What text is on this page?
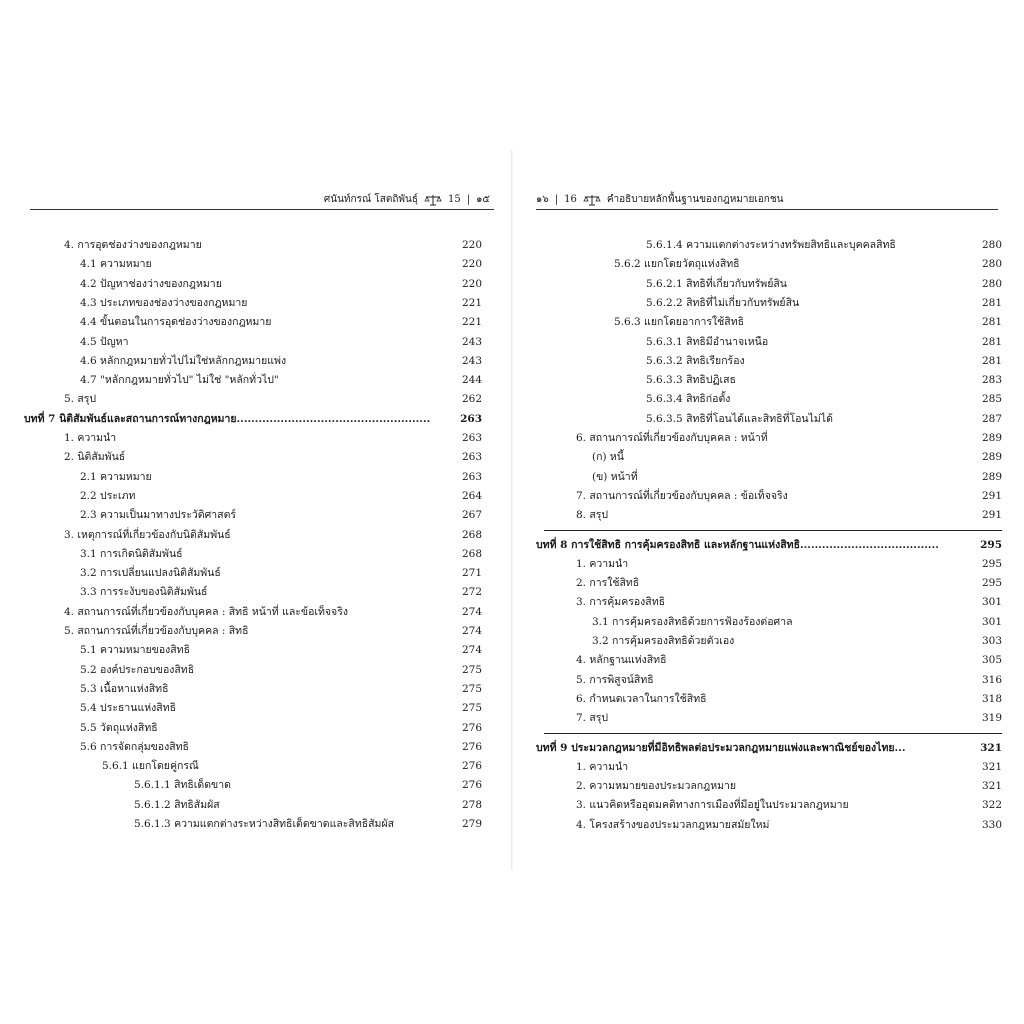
ศนันท์กรณ์ โสตถิพันธุ์	15 | ๑๕
4. การอุดช่องว่างของกฎหมาย	220
4.1 ความหมาย	220
4.2 ปัญหาช่องว่างของกฎหมาย	220
4.3 ประเภทของช่องว่างของกฎหมาย	221
4.4 ขั้นตอนในการอุดช่องว่างของกฎหมาย	221
4.5 ปัญหา	243
4.6 หลักกฎหมายทั่วไปไม่ใช่หลักกฎหมายแพ่ง	243
4.7 "หลักกฎหมายทั่วไป" ไม่ใช่ "หลักทั่วไป"	244
5. สรุป	262
บทที่ 7 นิติสัมพันธ์และสถานการณ์ทางกฎหมาย.....................................................	263
1. ความนำ	263
2. นิติสัมพันธ์	263
2.1 ความหมาย	263
2.2 ประเภท	264
2.3 ความเป็นมาทางประวัติศาสตร์	267
3. เหตุการณ์ที่เกี่ยวข้องกับนิติสัมพันธ์	268
3.1 การเกิดนิติสัมพันธ์	268
3.2 การเปลี่ยนแปลงนิติสัมพันธ์	271
3.3 การระงับของนิติสัมพันธ์	272
4. สถานการณ์ที่เกี่ยวข้องกับบุคคล : สิทธิ หน้าที่ และข้อเท็จจริง	274
5. สถานการณ์ที่เกี่ยวข้องกับบุคคล : สิทธิ	274
5.1 ความหมายของสิทธิ	274
5.2 องค์ประกอบของสิทธิ	275
5.3 เนื้อหาแห่งสิทธิ	275
5.4 ประธานแห่งสิทธิ	275
5.5 วัตถุแห่งสิทธิ	276
5.6 การจัดกลุ่มของสิทธิ	276
5.6.1 แยกโดยคู่กรณี	276
5.6.1.1 สิทธิเด็ดขาด	276
5.6.1.2 สิทธิสัมผัส	278
5.6.1.3 ความแตกต่างระหว่างสิทธิเด็ดขาดและสิทธิสัมผัส	279
๑๖ | 16	คำอธิบายหลักพื้นฐานของกฎหมายเอกชน
5.6.1.4 ความแตกต่างระหว่างทรัพยสิทธิและบุคคลสิทธิ	280
5.6.2 แยกโดยวัตถุแห่งสิทธิ	280
5.6.2.1 สิทธิที่เกี่ยวกับทรัพย์สิน	280
5.6.2.2 สิทธิที่ไม่เกี่ยวกับทรัพย์สิน	281
5.6.3 แยกโดยอาการใช้สิทธิ	281
5.6.3.1 สิทธิมีอำนาจเหนือ	281
5.6.3.2 สิทธิเรียกร้อง	281
5.6.3.3 สิทธิปฏิเสธ	283
5.6.3.4 สิทธิก่อตั้ง	285
5.6.3.5 สิทธิที่โอนได้และสิทธิที่โอนไม่ได้	287
6. สถานการณ์ที่เกี่ยวข้องกับบุคคล : หน้าที่	289
(ก) หนี้	289
(ข) หน้าที่	289
7. สถานการณ์ที่เกี่ยวข้องกับบุคคล : ข้อเท็จจริง	291
8. สรุป	291
บทที่ 8 การใช้สิทธิ การคุ้มครองสิทธิ และหลักฐานแห่งสิทธิ......................................	295
1. ความนำ	295
2. การใช้สิทธิ	295
3. การคุ้มครองสิทธิ	301
3.1 การคุ้มครองสิทธิด้วยการฟ้องร้องต่อศาล	301
3.2 การคุ้มครองสิทธิด้วยตัวเอง	303
4. หลักฐานแห่งสิทธิ	305
5. การพิสูจน์สิทธิ	316
6. กำหนดเวลาในการใช้สิทธิ	318
7. สรุป	319
บทที่ 9 ประมวลกฎหมายที่มีอิทธิพลต่อประมวลกฎหมายแพ่งและพาณิชย์ของไทย...	321
1. ความนำ	321
2. ความหมายของประมวลกฎหมาย	321
3. แนวคิดหรืออุดมคติทางการเมืองที่มีอยู่ในประมวลกฎหมาย	322
4. โครงสร้างของประมวลกฎหมายสมัยใหม่	330
